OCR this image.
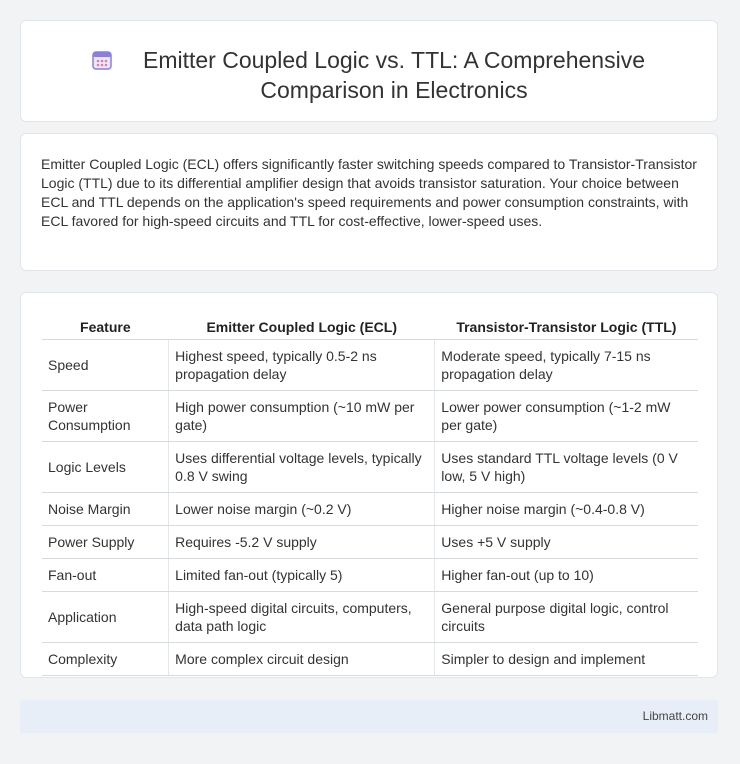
Emitter Coupled Logic vs. TTL: A Comprehensive Comparison in Electronics
Emitter Coupled Logic (ECL) offers significantly faster switching speeds compared to Transistor-Transistor Logic (TTL) due to its differential amplifier design that avoids transistor saturation. Your choice between ECL and TTL depends on the application's speed requirements and power consumption constraints, with ECL favored for high-speed circuits and TTL for cost-effective, lower-speed uses.
Feature	Emitter Coupled Logic (ECL)	Transistor-Transistor Logic (TTL)
Speed	Highest speed, typically 0.5-2 ns propagation delay	Moderate speed, typically 7-15 ns propagation delay
Power Consumption	High power consumption (~10 mW per gate)	Lower power consumption (~1-2 mW per gate)
Logic Levels	Uses differential voltage levels, typically 0.8 V swing	Uses standard TTL voltage levels (0 V low, 5 V high)
Noise Margin	Lower noise margin (~0.2 V)	Higher noise margin (~0.4-0.8 V)
Power Supply	Requires -5.2 V supply	Uses +5 V supply
Fan-out	Limited fan-out (typically 5)	Higher fan-out (up to 10)
Application	High-speed digital circuits, computers, data path logic	General purpose digital logic, control circuits
Complexity	More complex circuit design	Simpler to design and implement
Libmatt.com
